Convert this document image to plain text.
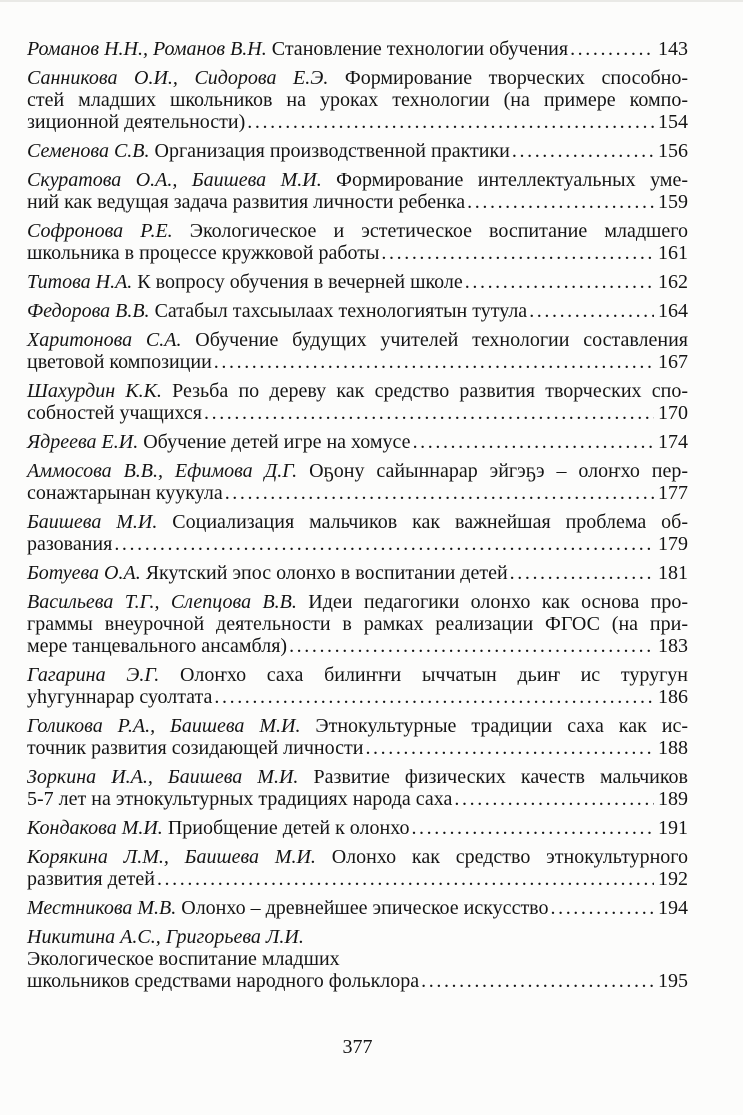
Романов Н.Н., Романов В.Н. Становление технологии обучения .....	143
Санникова О.И., Сидорова Е.Э. Формирование творческих способно-
стей младших школьников на уроках технологии (на примере компо-
зиционной деятельности) .....	154
Семенова С.В. Организация производственной практики .....	156
Скуратова О.А., Баишева М.И. Формирование интеллектуальных уме-
ний как ведущая задача развития личности ребенка .....	159
Софронова Р.Е. Экологическое и эстетическое воспитание младшего
школьника в процессе кружковой работы .....	161
Титова Н.А. К вопросу обучения в вечерней школе .....	162
Федорова В.В. Сатабыл тахсыылаах технологиятын тутула .....	164
Харитонова С.А. Обучение будущих учителей технологии составления
цветовой композиции .....	167
Шахурдин К.К. Резьба по дереву как средство развития творческих спо-
собностей учащихся .....	170
Ядреева Е.И. Обучение детей игре на хомусе .....	174
Аммосова В.В., Ефимова Д.Г. Оҕону сайыннарар эйгэҕэ – олоҥхо пер-
сонажтарынан куукула .....	177
Баишева М.И. Социализация мальчиков как важнейшая проблема об-
разования .....	179
Ботуева О.А. Якутский эпос олонхо в воспитании детей .....	181
Васильева Т.Г., Слепцова В.В. Идеи педагогики олонхо как основа про-
граммы внеурочной деятельности в рамках реализации ФГОС (на при-
мере танцевального ансамбля) .....	183
Гагарина Э.Г. Олоҥхо саха билиҥҥи ыччатын дьиҥ ис туругун
уһугуннарар суолтата .....	186
Голикова Р.А., Баишева М.И. Этнокультурные традиции саха как ис-
точник развития созидающей личности .....	188
Зоркина И.А., Баишева М.И. Развитие физических качеств мальчиков
5-7 лет на этнокультурных традициях народа саха .....	189
Кондакова М.И. Приобщение детей к олонхо .....	191
Корякина Л.М., Баишева М.И. Олонхо как средство этнокультурного
развития детей .....	192
Местникова М.В. Олонхо – древнейшее эпическое искусство .....	194
Никитина А.С., Григорьева Л.И.
Экологическое воспитание младших
школьников средствами народного фольклора .....	195
377
